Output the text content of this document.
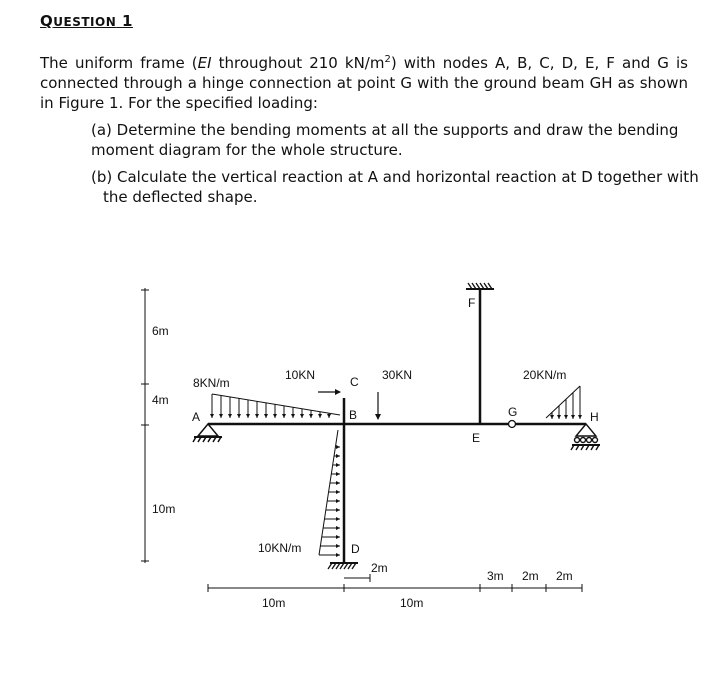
QUESTION 1
The uniform frame (EI throughout 210 $kN/m^2$) with nodes A, B, C, D, E, F and G is connected through a hinge connection at point G with the ground beam GH as shown in Figure 1. For the specified loading:
(a) Determine the bending moments at all the supports and draw the bending moment diagram for the whole structure.
(b) Calculate the vertical reaction at A and horizontal reaction at D together with the deflected shape.
6m
4m
10m
F
D
A	H
G
E
B
C
8KN/m
10KN	30KN	20KN/m
10KN/m
10m	10m
2m
3m 2m 2m
